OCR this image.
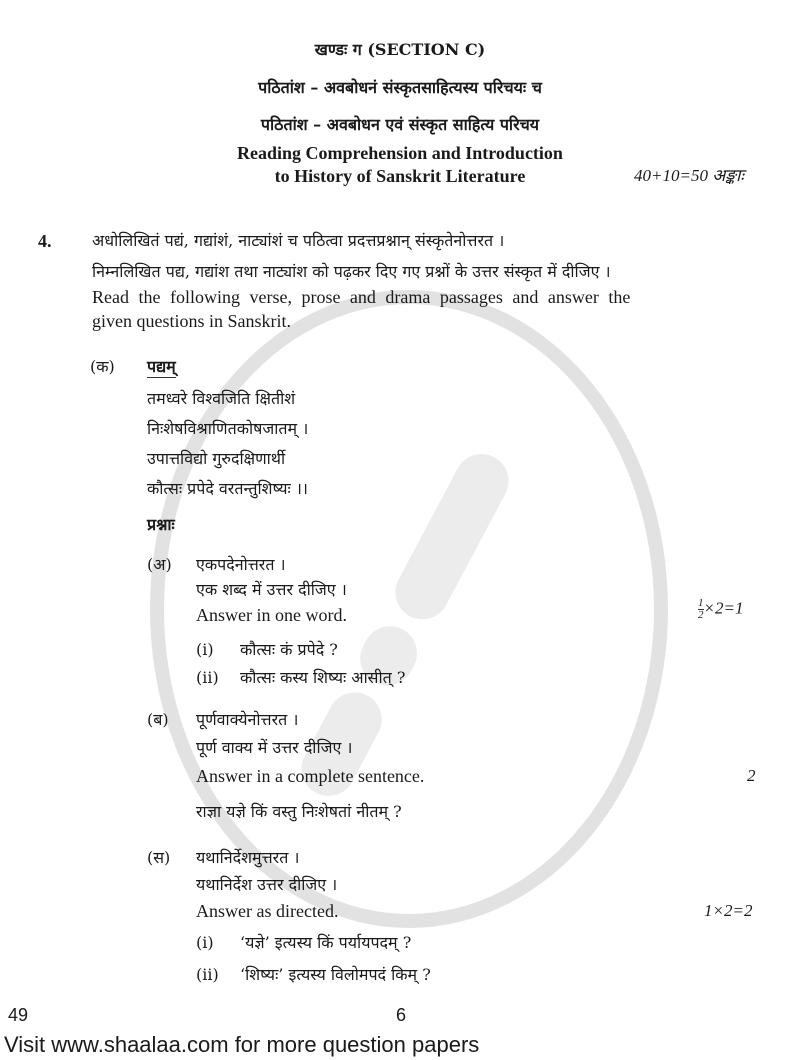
खण्डः ग (SECTION C)
पठितांश – अवबोधनं संस्कृतसाहित्यस्य परिचयः च
पठितांश – अवबोधन एवं संस्कृत साहित्य परिचय
Reading Comprehension and Introduction
to History of Sanskrit Literature	40+10=50 अङ्काः
4.	अधोलिखितं पद्यं, गद्यांशं, नाट्यांशं च पठित्वा प्रदत्तप्रश्नान् संस्कृतेनोत्तरत ।
निम्नलिखित पद्य, गद्यांश तथा नाट्यांश को पढ़कर दिए गए प्रश्नों के उत्तर संस्कृत में दीजिए ।
Read the following verse, prose and drama passages and answer the
given questions in Sanskrit.
(क) पद्यम्
तमध्वरे विश्वजिति क्षितीशं
निःशेषविश्राणितकोषजातम् ।
उपात्तविद्यो गुरुदक्षिणार्थी
कौत्सः प्रपेदे वरतन्तुशिष्यः ।।
प्रश्नाः
(अ) एकपदेनोत्तरत ।
एक शब्द में उत्तर दीजिए ।
Answer in one word.	$\frac{1}{2} \times 2=1$
(i) कौत्सः कं प्रपेदे ?
(ii) कौत्सः कस्य शिष्यः आसीत् ?
(ब) पूर्णवाक्येनोत्तरत ।
पूर्ण वाक्य में उत्तर दीजिए ।
Answer in a complete sentence.	2
राज्ञा यज्ञे किं वस्तु निःशेषतां नीतम् ?
(स) यथानिर्देशमुत्तरत ।
यथानिर्देश उत्तर दीजिए ।
Answer as directed.	1×2=2
(i) ‘यज्ञे’ इत्यस्य किं पर्यायपदम् ?
(ii) ‘शिष्यः’ इत्यस्य विलोमपदं किम् ?
49	6
Visit www.shaalaa.com for more question papers
